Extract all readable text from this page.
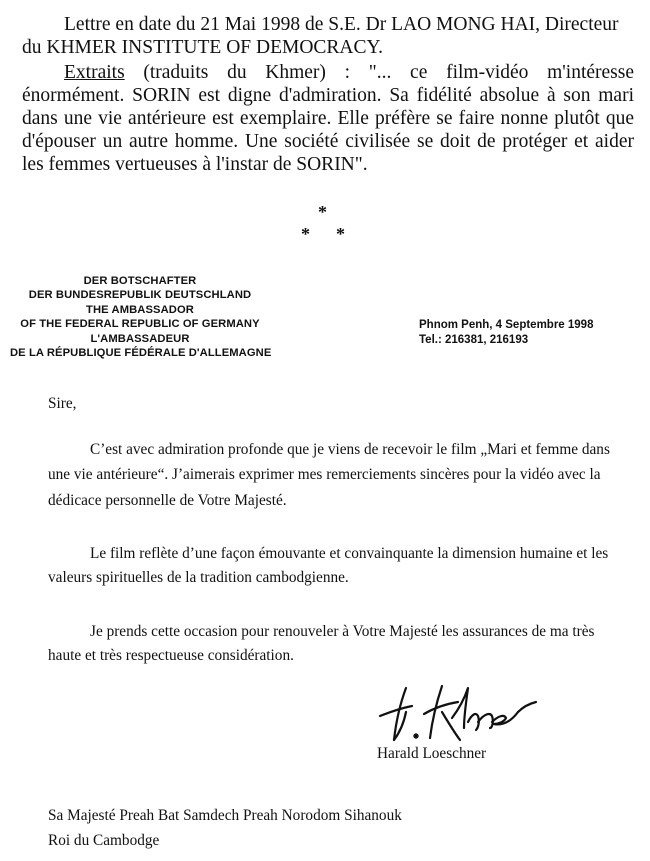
Lettre en date du 21 Mai 1998 de S.E. Dr LAO MONG HAI, Directeur
du KHMER INSTITUTE OF DEMOCRACY.
Extraits (traduits du Khmer) : "... ce film-vidéo m'intéresse
énormément. SORIN est digne d'admiration. Sa fidélité absolue à son mari
dans une vie antérieure est exemplaire. Elle préfère se faire nonne plutôt que
d'épouser un autre homme. Une société civilisée se doit de protéger et aider
les femmes vertueuses à l'instar de SORIN".
*
* *
DER BOTSCHAFTER
DER BUNDESREPUBLIK DEUTSCHLAND
THE AMBASSADOR
OF THE FEDERAL REPUBLIC OF GERMANY
L'AMBASSADEUR
DE LA RÉPUBLIQUE FÉDÉRALE D'ALLEMAGNE
Phnom Penh, 4 Septembre 1998
Tel.: 216381, 216193
Sire,
C’est avec admiration profonde que je viens de recevoir le film „Mari et femme dans
une vie antérieure“. J’aimerais exprimer mes remerciements sincères pour la vidéo avec la
dédicace personnelle de Votre Majesté.
Le film reflète d’une façon émouvante et convainquante la dimension humaine et les
valeurs spirituelles de la tradition cambodgienne.
Je prends cette occasion pour renouveler à Votre Majesté les assurances de ma très
haute et très respectueuse considération.
Harald Loeschner
Sa Majesté Preah Bat Samdech Preah Norodom Sihanouk
Roi du Cambodge
